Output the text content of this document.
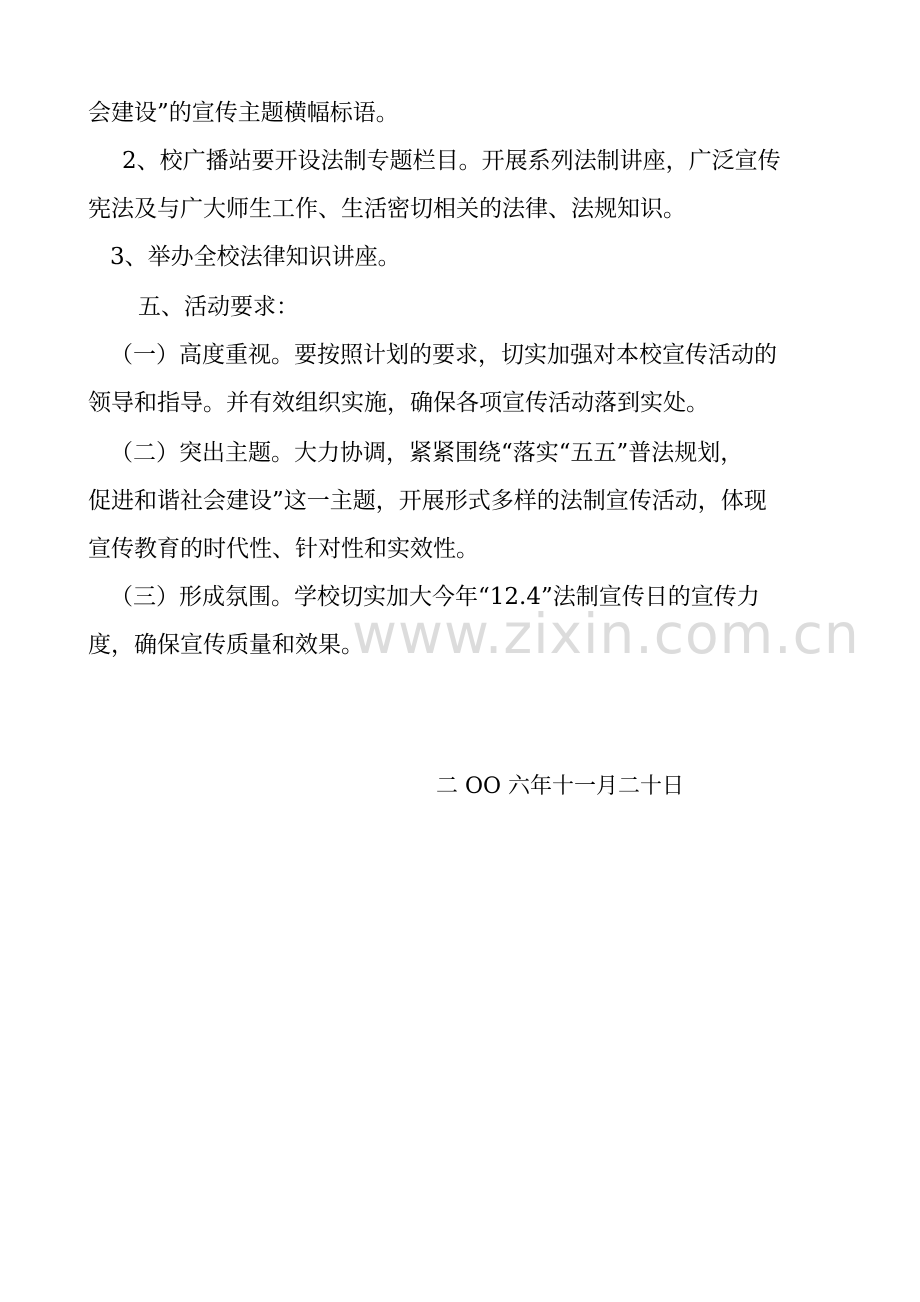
会建设”的宣传主题横幅标语。

2、校广播站要开设法制专题栏目。开展系列法制讲座，广泛宣传

宪法及与广大师生工作、生活密切相关的法律、法规知识。

3、举办全校法律知识讲座。

五、活动要求：

（一）高度重视。要按照计划的要求，切实加强对本校宣传活动的

领导和指导。并有效组织实施，确保各项宣传活动落到实处。

（二）突出主题。大力协调，紧紧围绕“落实“五五”普法规划，

促进和谐社会建设”这一主题，开展形式多样的法制宣传活动，体现

宣传教育的时代性、针对性和实效性。

（三）形成氛围。学校切实加大今年“12.4”法制宣传日的宣传力

度，确保宣传质量和效果。

www.zixin.com.cn
二 OO 六年十一月二十日
